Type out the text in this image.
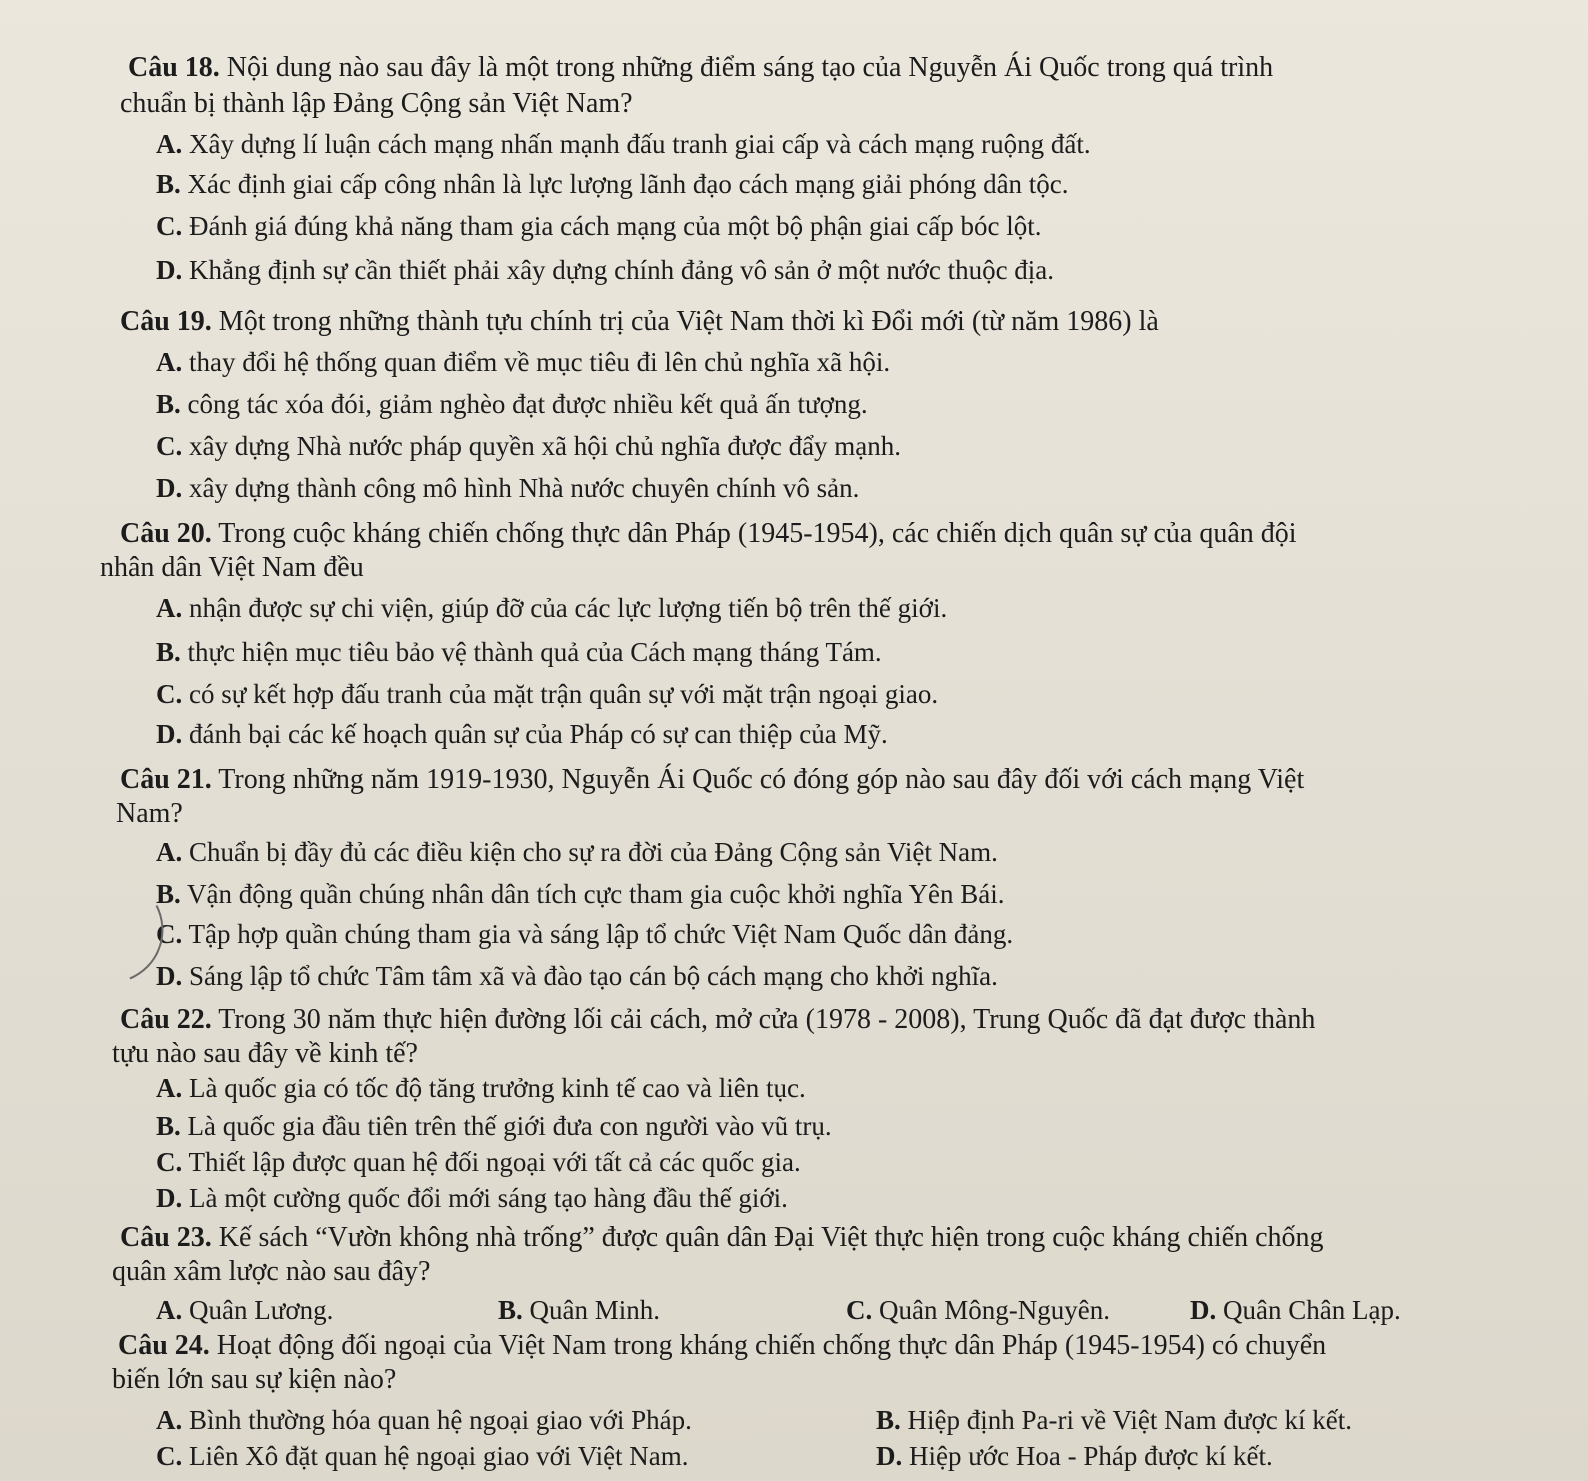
Câu 18. Nội dung nào sau đây là một trong những điểm sáng tạo của Nguyễn Ái Quốc trong quá trình
chuẩn bị thành lập Đảng Cộng sản Việt Nam?
A. Xây dựng lí luận cách mạng nhấn mạnh đấu tranh giai cấp và cách mạng ruộng đất.
B. Xác định giai cấp công nhân là lực lượng lãnh đạo cách mạng giải phóng dân tộc.
C. Đánh giá đúng khả năng tham gia cách mạng của một bộ phận giai cấp bóc lột.
D. Khẳng định sự cần thiết phải xây dựng chính đảng vô sản ở một nước thuộc địa.
Câu 19. Một trong những thành tựu chính trị của Việt Nam thời kì Đổi mới (từ năm 1986) là
A. thay đổi hệ thống quan điểm về mục tiêu đi lên chủ nghĩa xã hội.
B. công tác xóa đói, giảm nghèo đạt được nhiều kết quả ấn tượng.
C. xây dựng Nhà nước pháp quyền xã hội chủ nghĩa được đẩy mạnh.
D. xây dựng thành công mô hình Nhà nước chuyên chính vô sản.
Câu 20. Trong cuộc kháng chiến chống thực dân Pháp (1945-1954), các chiến dịch quân sự của quân đội
nhân dân Việt Nam đều
A. nhận được sự chi viện, giúp đỡ của các lực lượng tiến bộ trên thế giới.
B. thực hiện mục tiêu bảo vệ thành quả của Cách mạng tháng Tám.
C. có sự kết hợp đấu tranh của mặt trận quân sự với mặt trận ngoại giao.
D. đánh bại các kế hoạch quân sự của Pháp có sự can thiệp của Mỹ.
Câu 21. Trong những năm 1919-1930, Nguyễn Ái Quốc có đóng góp nào sau đây đối với cách mạng Việt
Nam?
A. Chuẩn bị đầy đủ các điều kiện cho sự ra đời của Đảng Cộng sản Việt Nam.
B. Vận động quần chúng nhân dân tích cực tham gia cuộc khởi nghĩa Yên Bái.
C. Tập hợp quần chúng tham gia và sáng lập tổ chức Việt Nam Quốc dân đảng.
D. Sáng lập tổ chức Tâm tâm xã và đào tạo cán bộ cách mạng cho khởi nghĩa.
Câu 22. Trong 30 năm thực hiện đường lối cải cách, mở cửa (1978 - 2008), Trung Quốc đã đạt được thành
tựu nào sau đây về kinh tế?
A. Là quốc gia có tốc độ tăng trưởng kinh tế cao và liên tục.
B. Là quốc gia đầu tiên trên thế giới đưa con người vào vũ trụ.
C. Thiết lập được quan hệ đối ngoại với tất cả các quốc gia.
D. Là một cường quốc đổi mới sáng tạo hàng đầu thế giới.
Câu 23. Kế sách “Vườn không nhà trống” được quân dân Đại Việt thực hiện trong cuộc kháng chiến chống
quân xâm lược nào sau đây?
A. Quân Lương.	B. Quân Minh.	C. Quân Mông-Nguyên.	D. Quân Chân Lạp.
Câu 24. Hoạt động đối ngoại của Việt Nam trong kháng chiến chống thực dân Pháp (1945-1954) có chuyển
biến lớn sau sự kiện nào?
A. Bình thường hóa quan hệ ngoại giao với Pháp.	B. Hiệp định Pa-ri về Việt Nam được kí kết.
C. Liên Xô đặt quan hệ ngoại giao với Việt Nam.	D. Hiệp ước Hoa - Pháp được kí kết.
